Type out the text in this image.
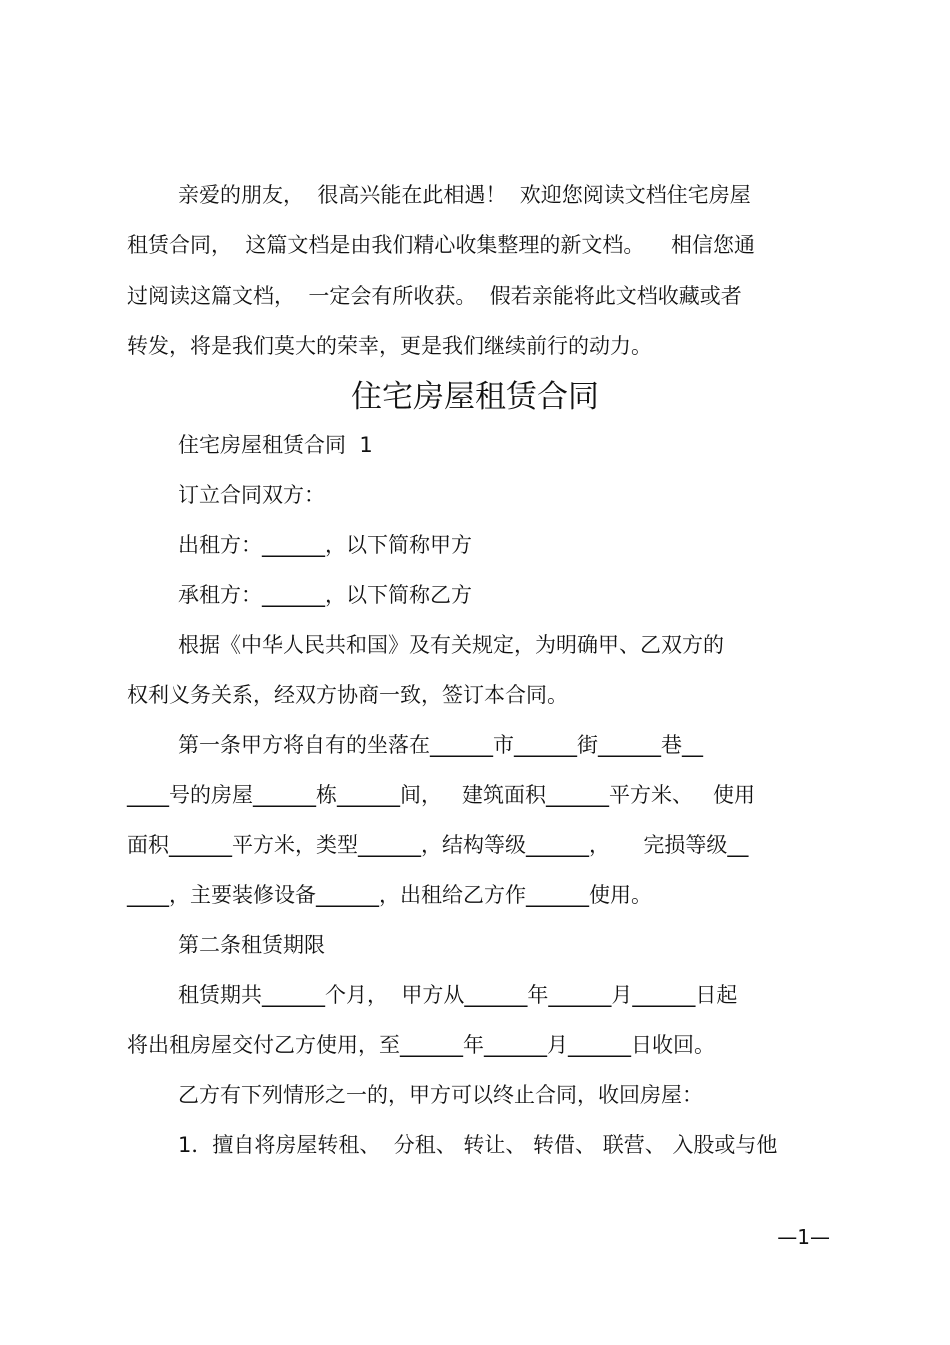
亲爱的朋友，  很高兴能在此相遇！  欢迎您阅读文档住宅房屋
租赁合同，  这篇文档是由我们精心收集整理的新文档。    相信您通
过阅读这篇文档，  一定会有所收获。  假若亲能将此文档收藏或者
转发，将是我们莫大的荣幸，更是我们继续前行的动力。
住宅房屋租赁合同
住宅房屋租赁合同  1
订立合同双方：
出租方：______，以下简称甲方
承租方：______，以下简称乙方
根据《中华人民共和国》及有关规定，为明确甲、乙双方的
权利义务关系，经双方协商一致，签订本合同。
第一条甲方将自有的坐落在______市______街______巷__
____号的房屋______栋______间，   建筑面积______平方米、   使用
面积______平方米，类型______，结构等级______，     完损等级__
____，主要装修设备______，出租给乙方作______使用。
第二条租赁期限
租赁期共______个月，  甲方从______年______月______日起
将出租房屋交付乙方使用，至______年______月______日收回。
乙方有下列情形之一的，甲方可以终止合同，收回房屋：
1．擅自将房屋转租、  分租、 转让、 转借、 联营、 入股或与他
—1—
